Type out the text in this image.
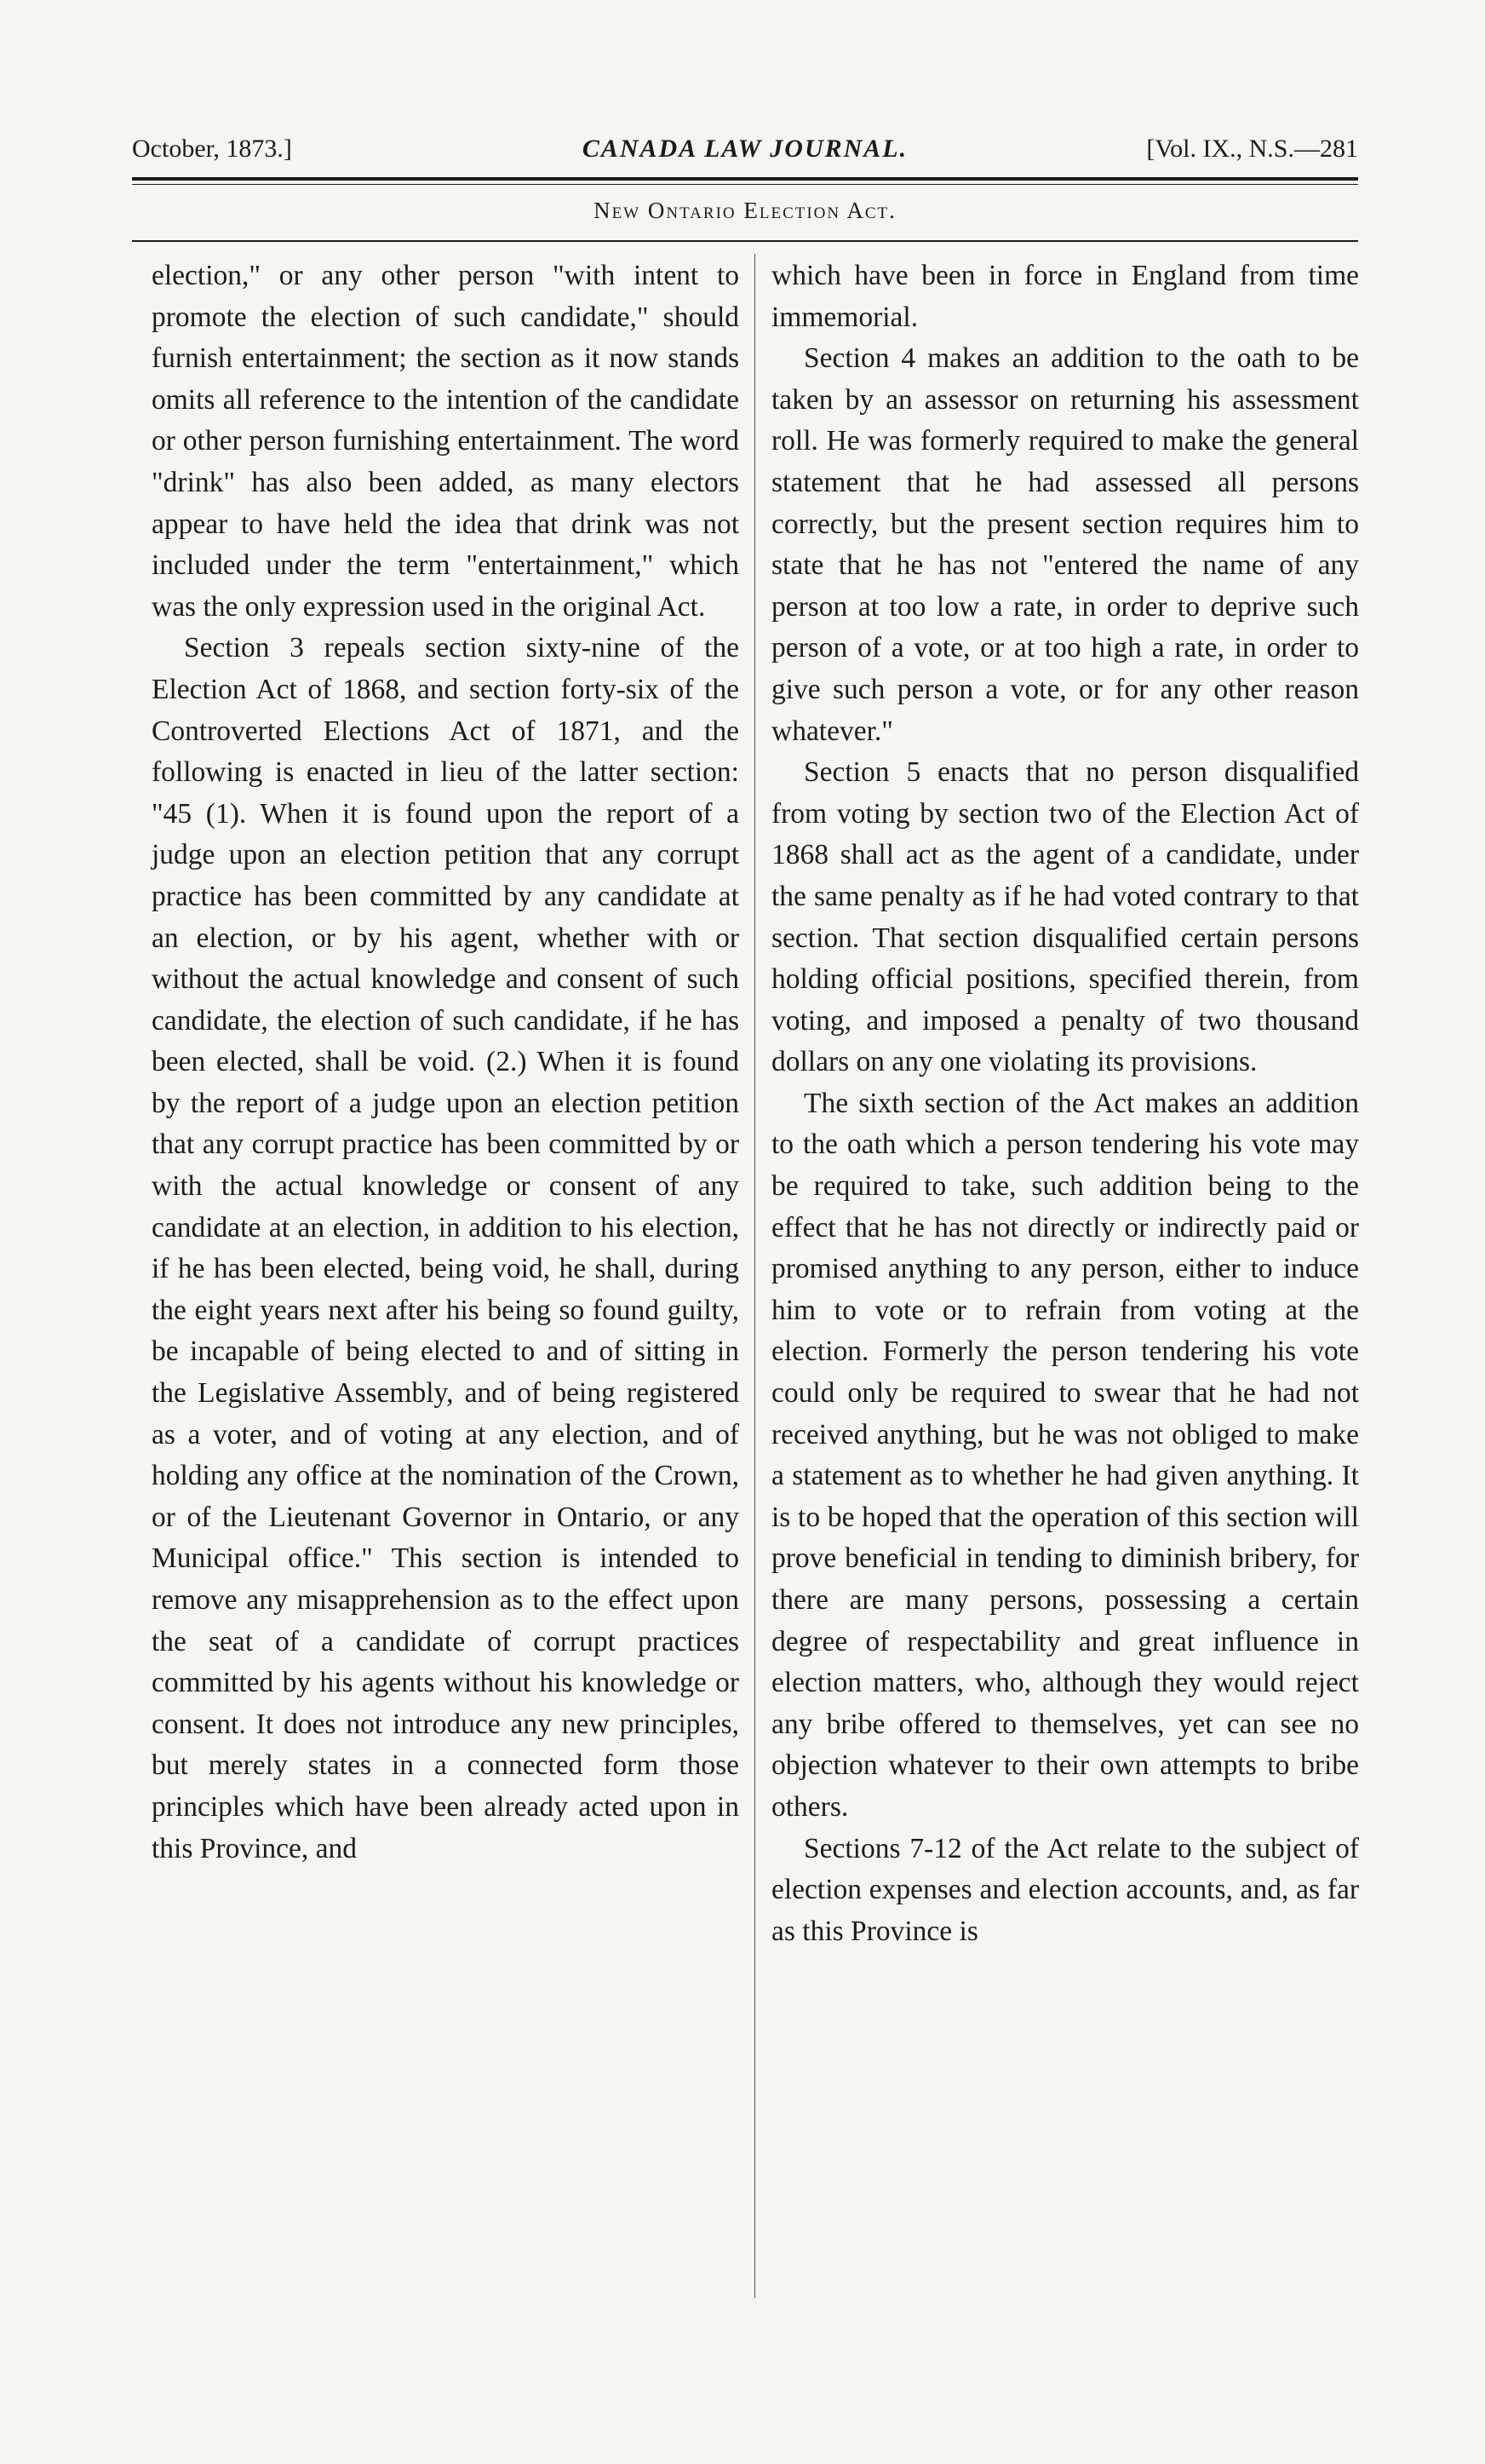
October, 1873.]	CANADA LAW JOURNAL.	[Vol. IX., N.S.—281
New Ontario Election Act.

election," or any other person "with intent to promote the election of such candidate," should furnish entertainment; the section as it now stands omits all reference to the intention of the candidate or other person furnishing entertainment. The word "drink" has also been added, as many electors appear to have held the idea that drink was not included under the term "entertainment," which was the only expression used in the original Act.

Section 3 repeals section sixty-nine of the Election Act of 1868, and section forty-six of the Controverted Elections Act of 1871, and the following is enacted in lieu of the latter section: "45 (1). When it is found upon the report of a judge upon an election petition that any corrupt practice has been committed by any candidate at an election, or by his agent, whether with or without the actual knowledge and consent of such candidate, the election of such candidate, if he has been elected, shall be void. (2.) When it is found by the report of a judge upon an election petition that any corrupt practice has been committed by or with the actual knowledge or consent of any candidate at an election, in addition to his election, if he has been elected, being void, he shall, during the eight years next after his being so found guilty, be incapable of being elected to and of sitting in the Legislative Assembly, and of being registered as a voter, and of voting at any election, and of holding any office at the nomination of the Crown, or of the Lieutenant Governor in Ontario, or any Municipal office." This section is intended to remove any misapprehension as to the effect upon the seat of a candidate of corrupt practices committed by his agents without his knowledge or consent. It does not introduce any new principles, but merely states in a connected form those principles which have been already acted upon in this Province, and

which have been in force in England from time immemorial.

Section 4 makes an addition to the oath to be taken by an assessor on returning his assessment roll. He was formerly required to make the general statement that he had assessed all persons correctly, but the present section requires him to state that he has not "entered the name of any person at too low a rate, in order to deprive such person of a vote, or at too high a rate, in order to give such person a vote, or for any other reason whatever."

Section 5 enacts that no person disqualified from voting by section two of the Election Act of 1868 shall act as the agent of a candidate, under the same penalty as if he had voted contrary to that section. That section disqualified certain persons holding official positions, specified therein, from voting, and imposed a penalty of two thousand dollars on any one violating its provisions.

The sixth section of the Act makes an addition to the oath which a person tendering his vote may be required to take, such addition being to the effect that he has not directly or indirectly paid or promised anything to any person, either to induce him to vote or to refrain from voting at the election. Formerly the person tendering his vote could only be required to swear that he had not received anything, but he was not obliged to make a statement as to whether he had given anything. It is to be hoped that the operation of this section will prove beneficial in tending to diminish bribery, for there are many persons, possessing a certain degree of respectability and great influence in election matters, who, although they would reject any bribe offered to themselves, yet can see no objection whatever to their own attempts to bribe others.

Sections 7-12 of the Act relate to the subject of election expenses and election accounts, and, as far as this Province is
